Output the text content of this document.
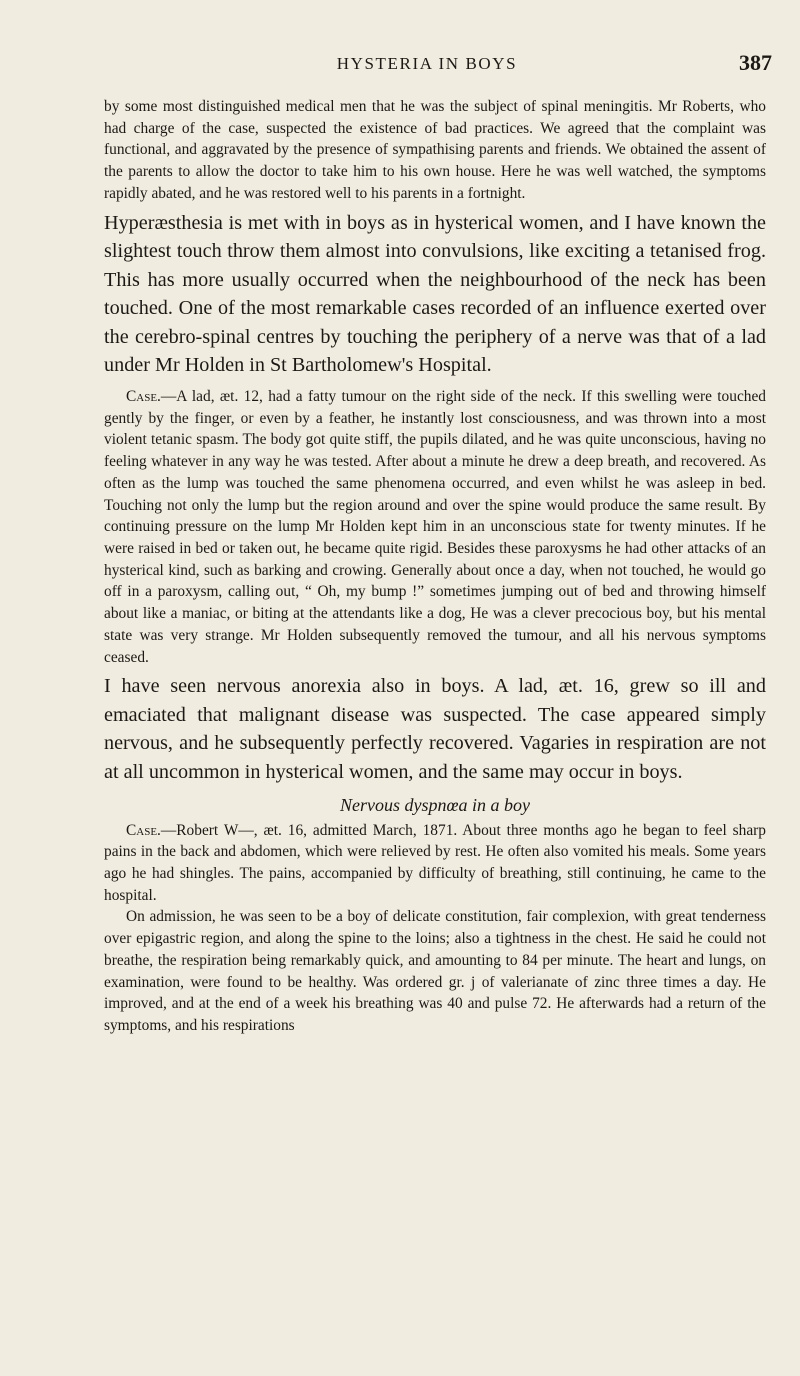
HYSTERIA IN BOYS	387

by some most distinguished medical men that he was the subject of spinal meningitis. Mr Roberts, who had charge of the case, suspected the existence of bad practices. We agreed that the complaint was functional, and aggravated by the presence of sympathising parents and friends. We obtained the assent of the parents to allow the doctor to take him to his own house. Here he was well watched, the symptoms rapidly abated, and he was restored well to his parents in a fortnight.

Hyperæsthesia is met with in boys as in hysterical women, and I have known the slightest touch throw them almost into convulsions, like exciting a tetanised frog. This has more usually occurred when the neighbourhood of the neck has been touched. One of the most remarkable cases recorded of an influence exerted over the cerebro-spinal centres by touching the periphery of a nerve was that of a lad under Mr Holden in St Bartholomew's Hospital.

Case.—A lad, æt. 12, had a fatty tumour on the right side of the neck. If this swelling were touched gently by the finger, or even by a feather, he instantly lost consciousness, and was thrown into a most violent tetanic spasm. The body got quite stiff, the pupils dilated, and he was quite unconscious, having no feeling whatever in any way he was tested. After about a minute he drew a deep breath, and recovered. As often as the lump was touched the same phenomena occurred, and even whilst he was asleep in bed. Touching not only the lump but the region around and over the spine would produce the same result. By continuing pressure on the lump Mr Holden kept him in an unconscious state for twenty minutes. If he were raised in bed or taken out, he became quite rigid. Besides these paroxysms he had other attacks of an hysterical kind, such as barking and crowing. Generally about once a day, when not touched, he would go off in a paroxysm, calling out, “ Oh, my bump !” sometimes jumping out of bed and throwing himself about like a maniac, or biting at the attendants like a dog, He was a clever precocious boy, but his mental state was very strange. Mr Holden subsequently removed the tumour, and all his nervous symptoms ceased.

I have seen nervous anorexia also in boys. A lad, æt. 16, grew so ill and emaciated that malignant disease was suspected. The case appeared simply nervous, and he subsequently perfectly recovered. Vagaries in respiration are not at all uncommon in hysterical women, and the same may occur in boys.

Nervous dyspnœa in a boy

Case.—Robert W—, æt. 16, admitted March, 1871. About three months ago he began to feel sharp pains in the back and abdomen, which were relieved by rest. He often also vomited his meals. Some years ago he had shingles. The pains, accompanied by difficulty of breathing, still continuing, he came to the hospital.

On admission, he was seen to be a boy of delicate constitution, fair complexion, with great tenderness over epigastric region, and along the spine to the loins; also a tightness in the chest. He said he could not breathe, the respiration being remarkably quick, and amounting to 84 per minute. The heart and lungs, on examination, were found to be healthy. Was ordered gr. j of valerianate of zinc three times a day. He improved, and at the end of a week his breathing was 40 and pulse 72. He afterwards had a return of the symptoms, and his respirations
